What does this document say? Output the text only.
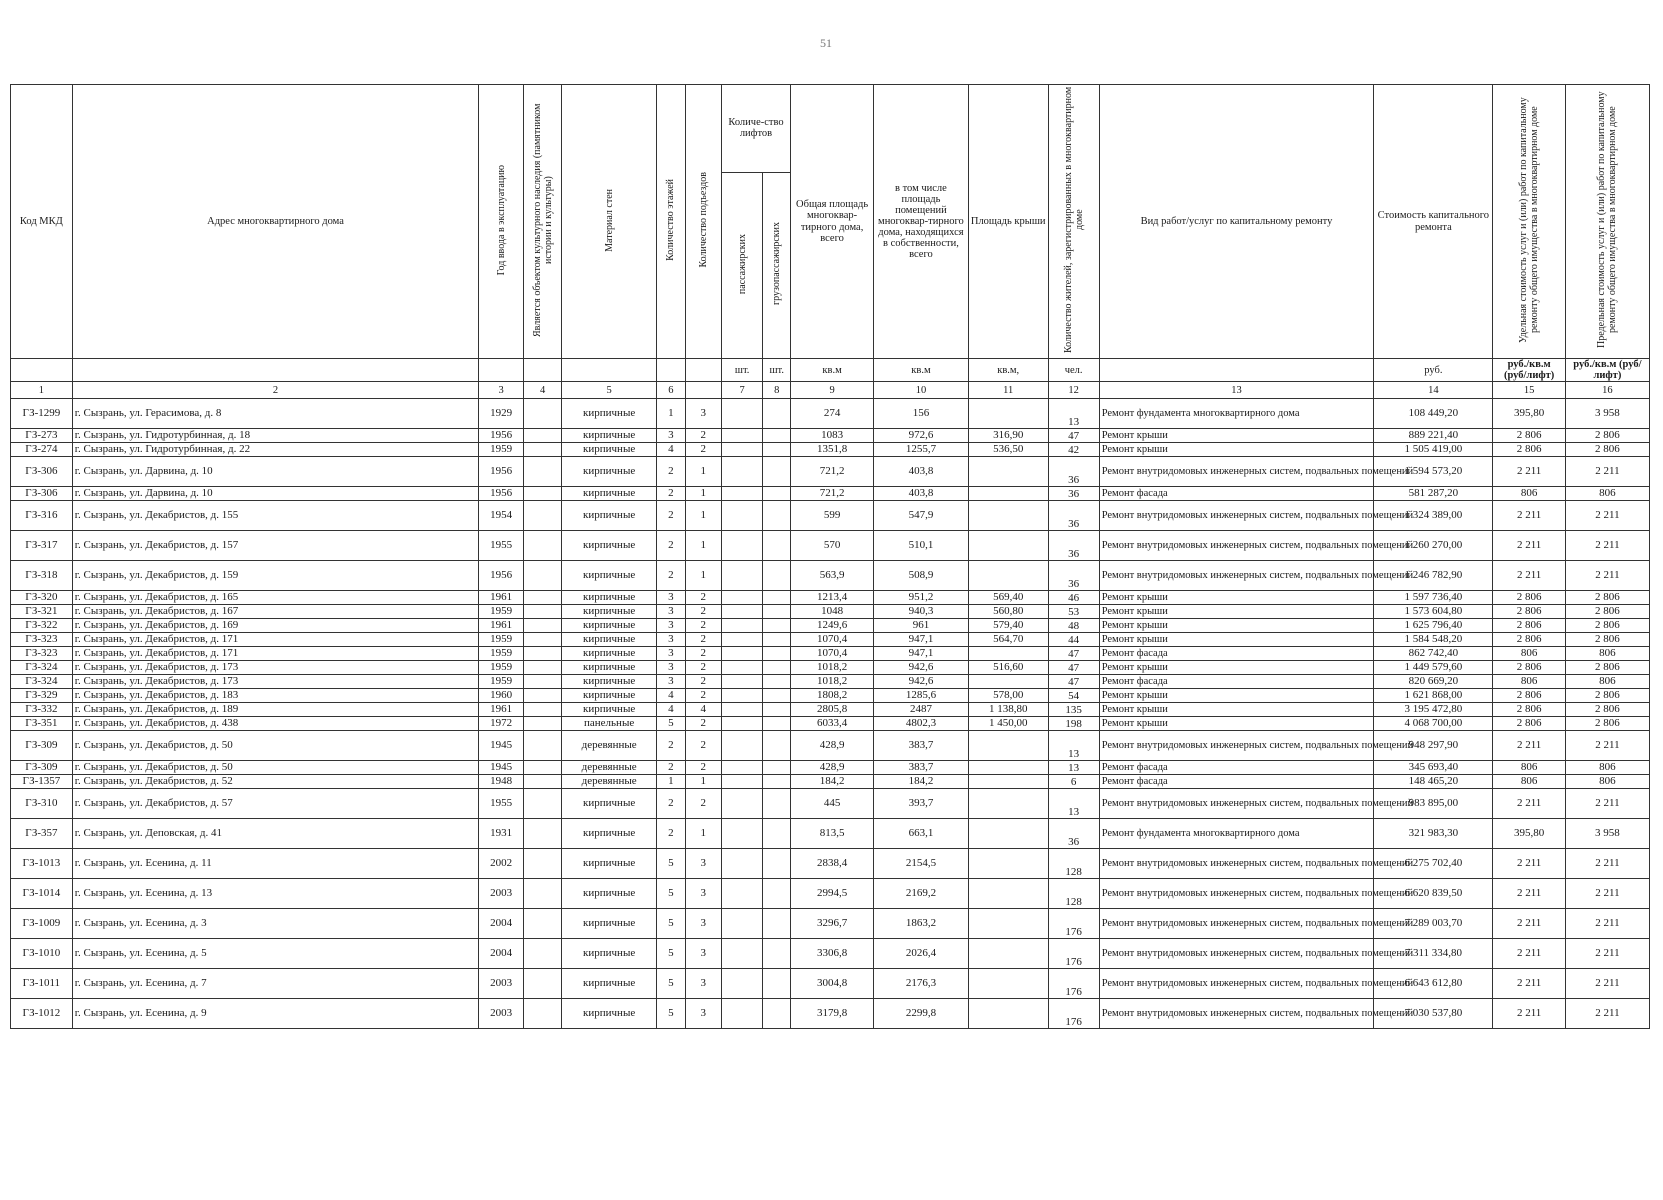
51
Код МКД	Адрес многоквартирного дома	Год ввода в эксплуатацию	Является объектом культурного наследия (памятником истории и культуры)	Материал стен	Количество этажей	Количество подъездов	Количе-ство лифтов		Общая площадь многоквар-тирного дома, всего	в том числе площадь помещений многоквар-тирного дома, находящихся в собственности, всего	Площадь крыши	Количество жителей, зарегистрированных в многоквартирном доме	Вид работ/услуг по капитальному ремонту	Стоимость капитального ремонта	Удельная стоимость услуг и (или) работ по капитальному ремонту общего имущества в многоквартирном доме	Предельная стоимость услуг и (или) работ по капитальному ремонту общего имущества в многоквартирном доме
							пассажирских	грузопассажирских								
							шт.	шт.	кв.м	кв.м	кв.м,	чел.		руб.	руб./кв.м (руб/лифт)	руб./кв.м (руб/лифт)
1	2	3	4	5	6		7	8	9	10	11	12	13	14	15	16
ГЗ-1299	г. Сызрань, ул. Герасимова, д. 8	1929		кирпичные	1	3			274	156		13	Ремонт фундамента многоквартирного дома	108 449,20	395,80	3 958
ГЗ-273	г. Сызрань, ул. Гидротурбинная, д. 18	1956		кирпичные	3	2			1083	972,6	316,90	47	Ремонт крыши	889 221,40	2 806	2 806
ГЗ-274	г. Сызрань, ул. Гидротурбинная, д. 22	1959		кирпичные	4	2			1351,8	1255,7	536,50	42	Ремонт крыши	1 505 419,00	2 806	2 806
ГЗ-306	г. Сызрань, ул. Дарвина, д. 10	1956		кирпичные	2	1			721,2	403,8		36	Ремонт внутридомовых инженерных систем, подвальных помещений	1 594 573,20	2 211	2 211
ГЗ-306	г. Сызрань, ул. Дарвина, д. 10	1956		кирпичные	2	1			721,2	403,8		36	Ремонт фасада	581 287,20	806	806
ГЗ-316	г. Сызрань, ул. Декабристов, д. 155	1954		кирпичные	2	1			599	547,9		36	Ремонт внутридомовых инженерных систем, подвальных помещений	1 324 389,00	2 211	2 211
ГЗ-317	г. Сызрань, ул. Декабристов, д. 157	1955		кирпичные	2	1			570	510,1		36	Ремонт внутридомовых инженерных систем, подвальных помещений	1 260 270,00	2 211	2 211
ГЗ-318	г. Сызрань, ул. Декабристов, д. 159	1956		кирпичные	2	1			563,9	508,9		36	Ремонт внутридомовых инженерных систем, подвальных помещений	1 246 782,90	2 211	2 211
ГЗ-320	г. Сызрань, ул. Декабристов, д. 165	1961		кирпичные	3	2			1213,4	951,2	569,40	46	Ремонт крыши	1 597 736,40	2 806	2 806
ГЗ-321	г. Сызрань, ул. Декабристов, д. 167	1959		кирпичные	3	2			1048	940,3	560,80	53	Ремонт крыши	1 573 604,80	2 806	2 806
ГЗ-322	г. Сызрань, ул. Декабристов, д. 169	1961		кирпичные	3	2			1249,6	961	579,40	48	Ремонт крыши	1 625 796,40	2 806	2 806
ГЗ-323	г. Сызрань, ул. Декабристов, д. 171	1959		кирпичные	3	2			1070,4	947,1	564,70	44	Ремонт крыши	1 584 548,20	2 806	2 806
ГЗ-323	г. Сызрань, ул. Декабристов, д. 171	1959		кирпичные	3	2			1070,4	947,1		47	Ремонт фасада	862 742,40	806	806
ГЗ-324	г. Сызрань, ул. Декабристов, д. 173	1959		кирпичные	3	2			1018,2	942,6	516,60	47	Ремонт крыши	1 449 579,60	2 806	2 806
ГЗ-324	г. Сызрань, ул. Декабристов, д. 173	1959		кирпичные	3	2			1018,2	942,6		47	Ремонт фасада	820 669,20	806	806
ГЗ-329	г. Сызрань, ул. Декабристов, д. 183	1960		кирпичные	4	2			1808,2	1285,6	578,00	54	Ремонт крыши	1 621 868,00	2 806	2 806
ГЗ-332	г. Сызрань, ул. Декабристов, д. 189	1961		кирпичные	4	4			2805,8	2487	1 138,80	135	Ремонт крыши	3 195 472,80	2 806	2 806
ГЗ-351	г. Сызрань, ул. Декабристов, д. 438	1972		панельные	5	2			6033,4	4802,3	1 450,00	198	Ремонт крыши	4 068 700,00	2 806	2 806
ГЗ-309	г. Сызрань, ул. Декабристов, д. 50	1945		деревянные	2	2			428,9	383,7		13	Ремонт внутридомовых инженерных систем, подвальных помещений	948 297,90	2 211	2 211
ГЗ-309	г. Сызрань, ул. Декабристов, д. 50	1945		деревянные	2	2			428,9	383,7		13	Ремонт фасада	345 693,40	806	806
ГЗ-1357	г. Сызрань, ул. Декабристов, д. 52	1948		деревянные	1	1			184,2	184,2		6	Ремонт фасада	148 465,20	806	806
ГЗ-310	г. Сызрань, ул. Декабристов, д. 57	1955		кирпичные	2	2			445	393,7		13	Ремонт внутридомовых инженерных систем, подвальных помещений	983 895,00	2 211	2 211
ГЗ-357	г. Сызрань, ул. Деповская, д. 41	1931		кирпичные	2	1			813,5	663,1		36	Ремонт фундамента многоквартирного дома	321 983,30	395,80	3 958
ГЗ-1013	г. Сызрань, ул. Есенина, д. 11	2002		кирпичные	5	3			2838,4	2154,5		128	Ремонт внутридомовых инженерных систем, подвальных помещений	6 275 702,40	2 211	2 211
ГЗ-1014	г. Сызрань, ул. Есенина, д. 13	2003		кирпичные	5	3			2994,5	2169,2		128	Ремонт внутридомовых инженерных систем, подвальных помещений	6 620 839,50	2 211	2 211
ГЗ-1009	г. Сызрань, ул. Есенина, д. 3	2004		кирпичные	5	3			3296,7	1863,2		176	Ремонт внутридомовых инженерных систем, подвальных помещений	7 289 003,70	2 211	2 211
ГЗ-1010	г. Сызрань, ул. Есенина, д. 5	2004		кирпичные	5	3			3306,8	2026,4		176	Ремонт внутридомовых инженерных систем, подвальных помещений	7 311 334,80	2 211	2 211
ГЗ-1011	г. Сызрань, ул. Есенина, д. 7	2003		кирпичные	5	3			3004,8	2176,3		176	Ремонт внутридомовых инженерных систем, подвальных помещений	6 643 612,80	2 211	2 211
ГЗ-1012	г. Сызрань, ул. Есенина, д. 9	2003		кирпичные	5	3			3179,8	2299,8		176	Ремонт внутридомовых инженерных систем, подвальных помещений	7 030 537,80	2 211	2 211
